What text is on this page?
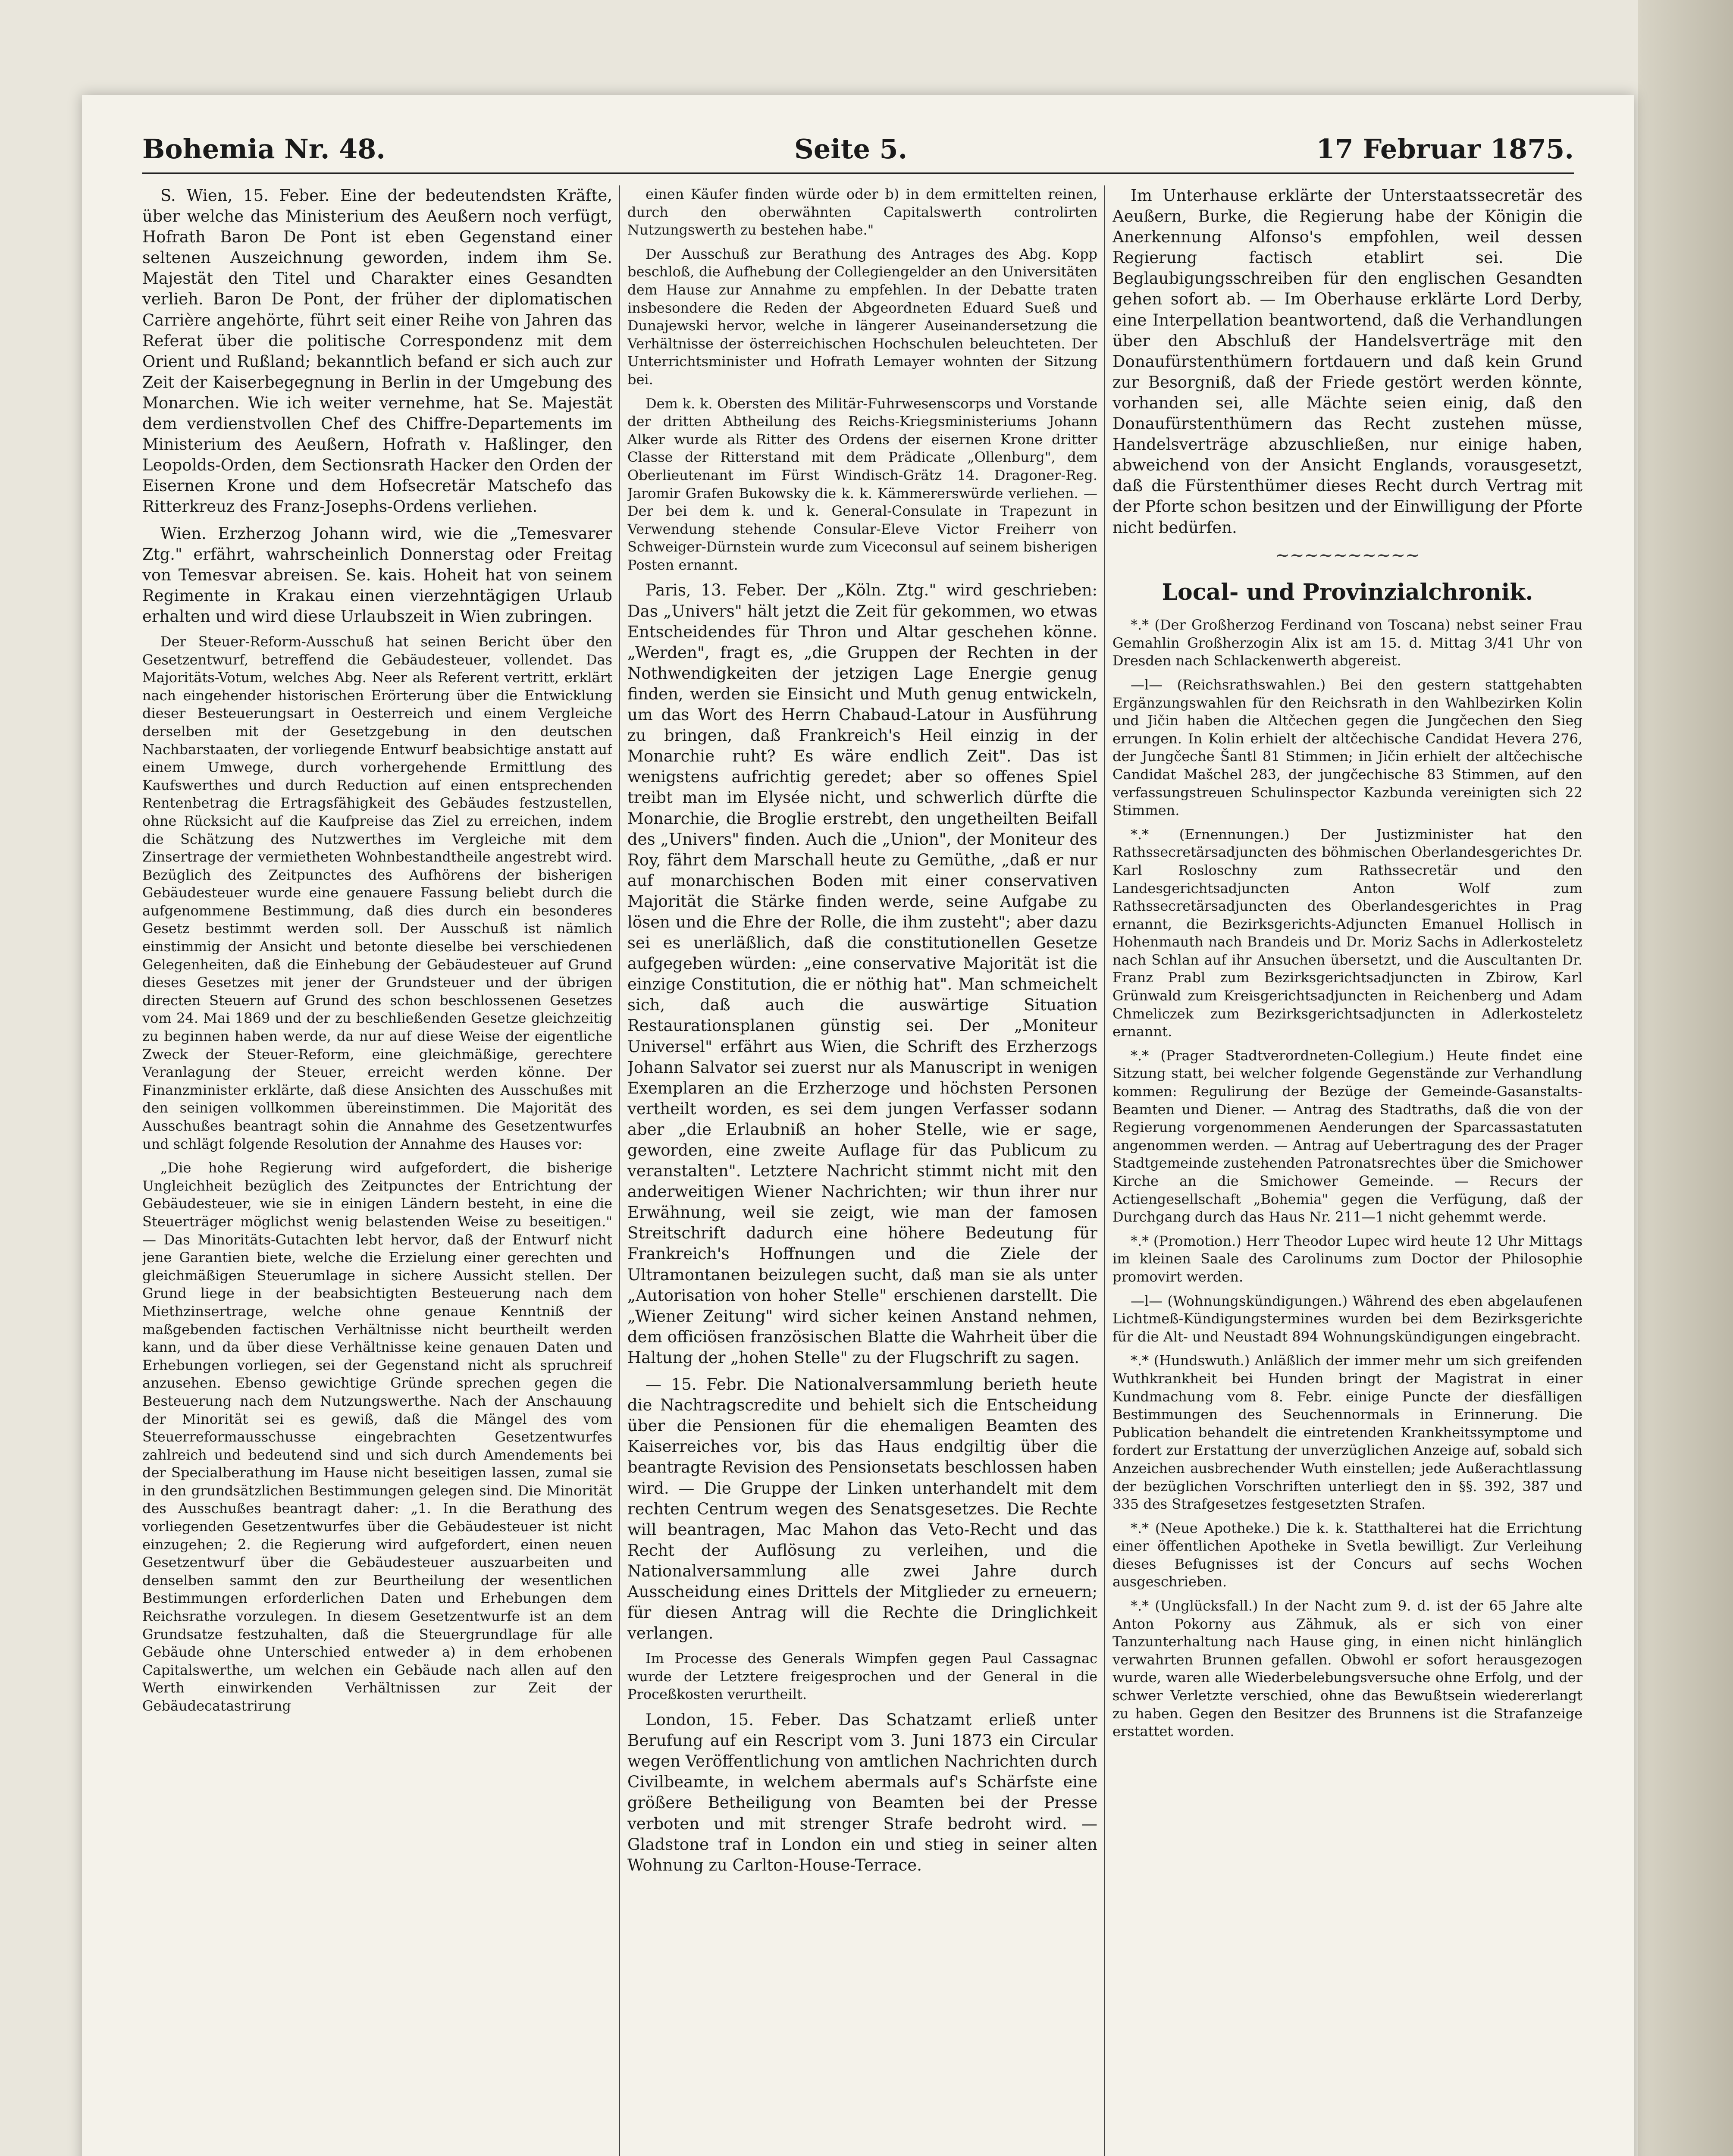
Bohemia Nr. 48.	Seite 5.	17 Februar 1875.

S. Wien, 15. Feber. Eine der bedeutendsten Kräfte, über welche das Ministerium des Aeußern noch verfügt, Hofrath Baron De Pont ist eben Gegenstand einer seltenen Auszeichnung geworden, indem ihm Se. Majestät den Titel und Charakter eines Gesandten verlieh. Baron De Pont, der früher der diplomatischen Carrière angehörte, führt seit einer Reihe von Jahren das Referat über die politische Correspondenz mit dem Orient und Rußland; bekanntlich befand er sich auch zur Zeit der Kaiserbegegnung in Berlin in der Umgebung des Monarchen. Wie ich weiter vernehme, hat Se. Majestät dem verdienstvollen Chef des Chiffre-Departements im Ministerium des Aeußern, Hofrath v. Haßlinger, den Leopolds-Orden, dem Sectionsrath Hacker den Orden der Eisernen Krone und dem Hofsecretär Matschefo das Ritterkreuz des Franz-Josephs-Ordens verliehen.

Wien. Erzherzog Johann wird, wie die „Temesvarer Ztg." erfährt, wahrscheinlich Donnerstag oder Freitag von Temesvar abreisen. Se. kais. Hoheit hat von seinem Regimente in Krakau einen vierzehntägigen Urlaub erhalten und wird diese Urlaubszeit in Wien zubringen.

Der Steuer-Reform-Ausschuß hat seinen Bericht über den Gesetzentwurf, betreffend die Gebäudesteuer, vollendet. Das Majoritäts-Votum, welches Abg. Neer als Referent vertritt, erklärt nach eingehender historischen Erörterung über die Entwicklung dieser Besteuerungsart in Oesterreich und einem Vergleiche derselben mit der Gesetzgebung in den deutschen Nachbarstaaten, der vorliegende Entwurf beabsichtige anstatt auf einem Umwege, durch vorhergehende Ermittlung des Kaufswerthes und durch Reduction auf einen entsprechenden Rentenbetrag die Ertragsfähigkeit des Gebäudes festzustellen, ohne Rücksicht auf die Kaufpreise das Ziel zu erreichen, indem die Schätzung des Nutzwerthes im Vergleiche mit dem Zinsertrage der vermietheten Wohnbestandtheile angestrebt wird. Bezüglich des Zeitpunctes des Aufhörens der bisherigen Gebäudesteuer wurde eine genauere Fassung beliebt durch die aufgenommene Bestimmung, daß dies durch ein besonderes Gesetz bestimmt werden soll. Der Ausschuß ist nämlich einstimmig der Ansicht und betonte dieselbe bei verschiedenen Gelegenheiten, daß die Einhebung der Gebäudesteuer auf Grund dieses Gesetzes mit jener der Grundsteuer und der übrigen directen Steuern auf Grund des schon beschlossenen Gesetzes vom 24. Mai 1869 und der zu beschließenden Gesetze gleichzeitig zu beginnen haben werde, da nur auf diese Weise der eigentliche Zweck der Steuer-Reform, eine gleichmäßige, gerechtere Veranlagung der Steuer, erreicht werden könne. Der Finanzminister erklärte, daß diese Ansichten des Ausschußes mit den seinigen vollkommen übereinstimmen. Die Majorität des Ausschußes beantragt sohin die Annahme des Gesetzentwurfes und schlägt folgende Resolution der Annahme des Hauses vor:

„Die hohe Regierung wird aufgefordert, die bisherige Ungleichheit bezüglich des Zeitpunctes der Entrichtung der Gebäudesteuer, wie sie in einigen Ländern besteht, in eine die Steuerträger möglichst wenig belastenden Weise zu beseitigen." — Das Minoritäts-Gutachten lebt hervor, daß der Entwurf nicht jene Garantien biete, welche die Erzielung einer gerechten und gleichmäßigen Steuerumlage in sichere Aussicht stellen. Der Grund liege in der beabsichtigten Besteuerung nach dem Miethzinsertrage, welche ohne genaue Kenntniß der maßgebenden factischen Verhältnisse nicht beurtheilt werden kann, und da über diese Verhältnisse keine genauen Daten und Erhebungen vorliegen, sei der Gegenstand nicht als spruchreif anzusehen. Ebenso gewichtige Gründe sprechen gegen die Besteuerung nach dem Nutzungswerthe. Nach der Anschauung der Minorität sei es gewiß, daß die Mängel des vom Steuerreformausschusse eingebrachten Gesetzentwurfes zahlreich und bedeutend sind und sich durch Amendements bei der Specialberathung im Hause nicht beseitigen lassen, zumal sie in den grundsätzlichen Bestimmungen gelegen sind. Die Minorität des Ausschußes beantragt daher: „1. In die Berathung des vorliegenden Gesetzentwurfes über die Gebäudesteuer ist nicht einzugehen; 2. die Regierung wird aufgefordert, einen neuen Gesetzentwurf über die Gebäudesteuer auszuarbeiten und denselben sammt den zur Beurtheilung der wesentlichen Bestimmungen erforderlichen Daten und Erhebungen dem Reichsrathe vorzulegen. In diesem Gesetzentwurfe ist an dem Grundsatze festzuhalten, daß die Steuergrundlage für alle Gebäude ohne Unterschied entweder a) in dem erhobenen Capitalswerthe, um welchen ein Gebäude nach allen auf den Werth einwirkenden Verhältnissen zur Zeit der Gebäudecatastrirung

einen Käufer finden würde oder b) in dem ermittelten reinen, durch den oberwähnten Capitalswerth controlirten Nutzungswerth zu bestehen habe."

Der Ausschuß zur Berathung des Antrages des Abg. Kopp beschloß, die Aufhebung der Collegiengelder an den Universitäten dem Hause zur Annahme zu empfehlen. In der Debatte traten insbesondere die Reden der Abgeordneten Eduard Sueß und Dunajewski hervor, welche in längerer Auseinandersetzung die Verhältnisse der österreichischen Hochschulen beleuchteten. Der Unterrichtsminister und Hofrath Lemayer wohnten der Sitzung bei.

Dem k. k. Obersten des Militär-Fuhrwesenscorps und Vorstande der dritten Abtheilung des Reichs-Kriegsministeriums Johann Alker wurde als Ritter des Ordens der eisernen Krone dritter Classe der Ritterstand mit dem Prädicate „Ollenburg", dem Oberlieutenant im Fürst Windisch-Grätz 14. Dragoner-Reg. Jaromir Grafen Bukowsky die k. k. Kämmererswürde verliehen. — Der bei dem k. und k. General-Consulate in Trapezunt in Verwendung stehende Consular-Eleve Victor Freiherr von Schweiger-Dürnstein wurde zum Viceconsul auf seinem bisherigen Posten ernannt.

Paris, 13. Feber. Der „Köln. Ztg." wird geschrieben: Das „Univers" hält jetzt die Zeit für gekommen, wo etwas Entscheidendes für Thron und Altar geschehen könne. „Werden", fragt es, „die Gruppen der Rechten in der Nothwendigkeiten der jetzigen Lage Energie genug finden, werden sie Einsicht und Muth genug entwickeln, um das Wort des Herrn Chabaud-Latour in Ausführung zu bringen, daß Frankreich's Heil einzig in der Monarchie ruht? Es wäre endlich Zeit". Das ist wenigstens aufrichtig geredet; aber so offenes Spiel treibt man im Elysée nicht, und schwerlich dürfte die Monarchie, die Broglie erstrebt, den ungetheilten Beifall des „Univers" finden. Auch die „Union", der Moniteur des Roy, fährt dem Marschall heute zu Gemüthe, „daß er nur auf monarchischen Boden mit einer conservativen Majorität die Stärke finden werde, seine Aufgabe zu lösen und die Ehre der Rolle, die ihm zusteht"; aber dazu sei es unerläßlich, daß die constitutionellen Gesetze aufgegeben würden: „eine conservative Majorität ist die einzige Constitution, die er nöthig hat". Man schmeichelt sich, daß auch die auswärtige Situation Restaurationsplanen günstig sei. Der „Moniteur Universel" erfährt aus Wien, die Schrift des Erzherzogs Johann Salvator sei zuerst nur als Manuscript in wenigen Exemplaren an die Erzherzoge und höchsten Personen vertheilt worden, es sei dem jungen Verfasser sodann aber „die Erlaubniß an hoher Stelle, wie er sage, geworden, eine zweite Auflage für das Publicum zu veranstalten". Letztere Nachricht stimmt nicht mit den anderweitigen Wiener Nachrichten; wir thun ihrer nur Erwähnung, weil sie zeigt, wie man der famosen Streitschrift dadurch eine höhere Bedeutung für Frankreich's Hoffnungen und die Ziele der Ultramontanen beizulegen sucht, daß man sie als unter „Autorisation von hoher Stelle" erschienen darstellt. Die „Wiener Zeitung" wird sicher keinen Anstand nehmen, dem officiösen französischen Blatte die Wahrheit über die Haltung der „hohen Stelle" zu der Flugschrift zu sagen.

— 15. Febr. Die Nationalversammlung berieth heute die Nachtragscredite und behielt sich die Entscheidung über die Pensionen für die ehemaligen Beamten des Kaiserreiches vor, bis das Haus endgiltig über die beantragte Revision des Pensionsetats beschlossen haben wird. — Die Gruppe der Linken unterhandelt mit dem rechten Centrum wegen des Senatsgesetzes. Die Rechte will beantragen, Mac Mahon das Veto-Recht und das Recht der Auflösung zu verleihen, und die Nationalversammlung alle zwei Jahre durch Ausscheidung eines Drittels der Mitglieder zu erneuern; für diesen Antrag will die Rechte die Dringlichkeit verlangen.

Im Processe des Generals Wimpfen gegen Paul Cassagnac wurde der Letztere freigesprochen und der General in die Proceßkosten verurtheilt.

London, 15. Feber. Das Schatzamt erließ unter Berufung auf ein Rescript vom 3. Juni 1873 ein Circular wegen Veröffentlichung von amtlichen Nachrichten durch Civilbeamte, in welchem abermals auf's Schärfste eine größere Betheiligung von Beamten bei der Presse verboten und mit strenger Strafe bedroht wird. — Gladstone traf in London ein und stieg in seiner alten Wohnung zu Carlton-House-Terrace.

Im Unterhause erklärte der Unterstaatssecretär des Aeußern, Burke, die Regierung habe der Königin die Anerkennung Alfonso's empfohlen, weil dessen Regierung factisch etablirt sei. Die Beglaubigungsschreiben für den englischen Gesandten gehen sofort ab. — Im Oberhause erklärte Lord Derby, eine Interpellation beantwortend, daß die Verhandlungen über den Abschluß der Handelsverträge mit den Donaufürstenthümern fortdauern und daß kein Grund zur Besorgniß, daß der Friede gestört werden könnte, vorhanden sei, alle Mächte seien einig, daß den Donaufürstenthümern das Recht zustehen müsse, Handelsverträge abzuschließen, nur einige haben, abweichend von der Ansicht Englands, vorausgesetzt, daß die Fürstenthümer dieses Recht durch Vertrag mit der Pforte schon besitzen und der Einwilligung der Pforte nicht bedürfen.

~~~~~~~~~~
Local- und Provinzialchronik.

*.* (Der Großherzog Ferdinand von Toscana) nebst seiner Frau Gemahlin Großherzogin Alix ist am 15. d. Mittag 3/41 Uhr von Dresden nach Schlackenwerth abgereist.

—l— (Reichsrathswahlen.) Bei den gestern stattgehabten Ergänzungswahlen für den Reichsrath in den Wahlbezirken Kolin und Jičin haben die Altčechen gegen die Jungčechen den Sieg errungen. In Kolin erhielt der altčechische Candidat Hevera 276, der Jungčeche Šantl 81 Stimmen; in Jičin erhielt der altčechische Candidat Mašchel 283, der jungčechische 83 Stimmen, auf den verfassungstreuen Schulinspector Kazbunda vereinigten sich 22 Stimmen.

*.* (Ernennungen.) Der Justizminister hat den Rathssecretärsadjuncten des böhmischen Oberlandesgerichtes Dr. Karl Rosloschny zum Rathssecretär und den Landesgerichtsadjuncten Anton Wolf zum Rathssecretärsadjuncten des Oberlandesgerichtes in Prag ernannt, die Bezirksgerichts-Adjuncten Emanuel Hollisch in Hohenmauth nach Brandeis und Dr. Moriz Sachs in Adlerkosteletz nach Schlan auf ihr Ansuchen übersetzt, und die Auscultanten Dr. Franz Prabl zum Bezirksgerichtsadjuncten in Zbirow, Karl Grünwald zum Kreisgerichtsadjuncten in Reichenberg und Adam Chmeliczek zum Bezirksgerichtsadjuncten in Adlerkosteletz ernannt.

*.* (Prager Stadtverordneten-Collegium.) Heute findet eine Sitzung statt, bei welcher folgende Gegenstände zur Verhandlung kommen: Regulirung der Bezüge der Gemeinde-Gasanstalts-Beamten und Diener. — Antrag des Stadtraths, daß die von der Regierung vorgenommenen Aenderungen der Sparcassastatuten angenommen werden. — Antrag auf Uebertragung des der Prager Stadtgemeinde zustehenden Patronatsrechtes über die Smichower Kirche an die Smichower Gemeinde. — Recurs der Actiengesellschaft „Bohemia" gegen die Verfügung, daß der Durchgang durch das Haus Nr. 211—1 nicht gehemmt werde.

*.* (Promotion.) Herr Theodor Lupec wird heute 12 Uhr Mittags im kleinen Saale des Carolinums zum Doctor der Philosophie promovirt werden.

—l— (Wohnungskündigungen.) Während des eben abgelaufenen Lichtmeß-Kündigungstermines wurden bei dem Bezirksgerichte für die Alt- und Neustadt 894 Wohnungskündigungen eingebracht.

*.* (Hundswuth.) Anläßlich der immer mehr um sich greifenden Wuthkrankheit bei Hunden bringt der Magistrat in einer Kundmachung vom 8. Febr. einige Puncte der diesfälligen Bestimmungen des Seuchennormals in Erinnerung. Die Publication behandelt die eintretenden Krankheitssymptome und fordert zur Erstattung der unverzüglichen Anzeige auf, sobald sich Anzeichen ausbrechender Wuth einstellen; jede Außerachtlassung der bezüglichen Vorschriften unterliegt den in §§. 392, 387 und 335 des Strafgesetzes festgesetzten Strafen.

*.* (Neue Apotheke.) Die k. k. Statthalterei hat die Errichtung einer öffentlichen Apotheke in Svetla bewilligt. Zur Verleihung dieses Befugnisses ist der Concurs auf sechs Wochen ausgeschrieben.

*.* (Unglücksfall.) In der Nacht zum 9. d. ist der 65 Jahre alte Anton Pokorny aus Zähmuk, als er sich von einer Tanzunterhaltung nach Hause ging, in einen nicht hinlänglich verwahrten Brunnen gefallen. Obwohl er sofort herausgezogen wurde, waren alle Wiederbelebungsversuche ohne Erfolg, und der schwer Verletzte verschied, ohne das Bewußtsein wiedererlangt zu haben. Gegen den Besitzer des Brunnens ist die Strafanzeige erstattet worden.
